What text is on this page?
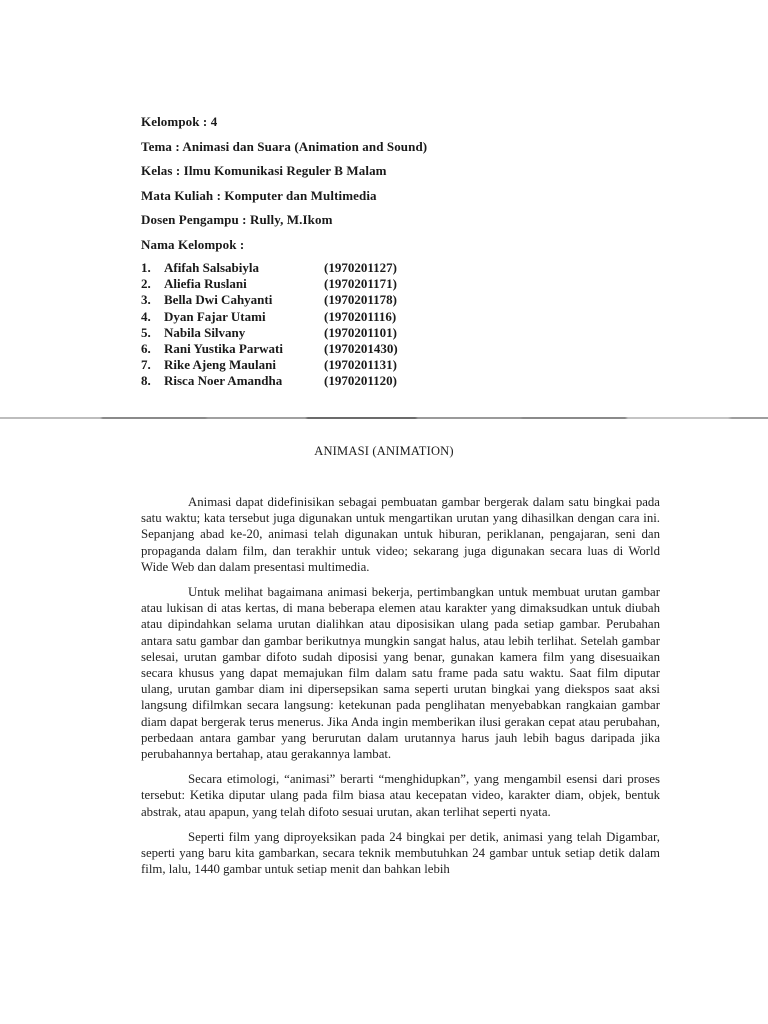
Kelompok : 4
Tema : Animasi dan Suara (Animation and Sound)
Kelas : Ilmu Komunikasi Reguler B Malam
Mata Kuliah : Komputer dan Multimedia
Dosen Pengampu : Rully, M.Ikom
Nama Kelompok :
1.	Afifah Salsabiyla	(1970201127)
2.	Aliefia Ruslani	(1970201171)
3.	Bella Dwi Cahyanti	(1970201178)
4.	Dyan Fajar Utami	(1970201116)
5.	Nabila Silvany	(1970201101)
6.	Rani Yustika Parwati	(1970201430)
7.	Rike Ajeng Maulani	(1970201131)
8.	Risca Noer Amandha	(1970201120)
ANIMASI (ANIMATION)

Animasi dapat didefinisikan sebagai pembuatan gambar bergerak dalam satu bingkai pada satu waktu; kata tersebut juga digunakan untuk mengartikan urutan yang dihasilkan dengan cara ini. Sepanjang abad ke-20, animasi telah digunakan untuk hiburan, periklanan, pengajaran, seni dan propaganda dalam film, dan terakhir untuk video; sekarang juga digunakan secara luas di World Wide Web dan dalam presentasi multimedia.

Untuk melihat bagaimana animasi bekerja, pertimbangkan untuk membuat urutan gambar atau lukisan di atas kertas, di mana beberapa elemen atau karakter yang dimaksudkan untuk diubah atau dipindahkan selama urutan dialihkan atau diposisikan ulang pada setiap gambar. Perubahan antara satu gambar dan gambar berikutnya mungkin sangat halus, atau lebih terlihat. Setelah gambar selesai, urutan gambar difoto sudah diposisi yang benar, gunakan kamera film yang disesuaikan secara khusus yang dapat memajukan film dalam satu frame pada satu waktu. Saat film diputar ulang, urutan gambar diam ini dipersepsikan sama seperti urutan bingkai yang diekspos saat aksi langsung difilmkan secara langsung: ketekunan pada penglihatan menyebabkan rangkaian gambar diam dapat bergerak terus menerus. Jika Anda ingin memberikan ilusi gerakan cepat atau perubahan, perbedaan antara gambar yang berurutan dalam urutannya harus jauh lebih bagus daripada jika perubahannya bertahap, atau gerakannya lambat.

Secara etimologi, “animasi” berarti “menghidupkan”, yang mengambil esensi dari proses tersebut: Ketika diputar ulang pada film biasa atau kecepatan video, karakter diam, objek, bentuk abstrak, atau apapun, yang telah difoto sesuai urutan, akan terlihat seperti nyata.

Seperti film yang diproyeksikan pada 24 bingkai per detik, animasi yang telah Digambar, seperti yang baru kita gambarkan, secara teknik membutuhkan 24 gambar untuk setiap detik dalam film, lalu, 1440 gambar untuk setiap menit dan bahkan lebih
